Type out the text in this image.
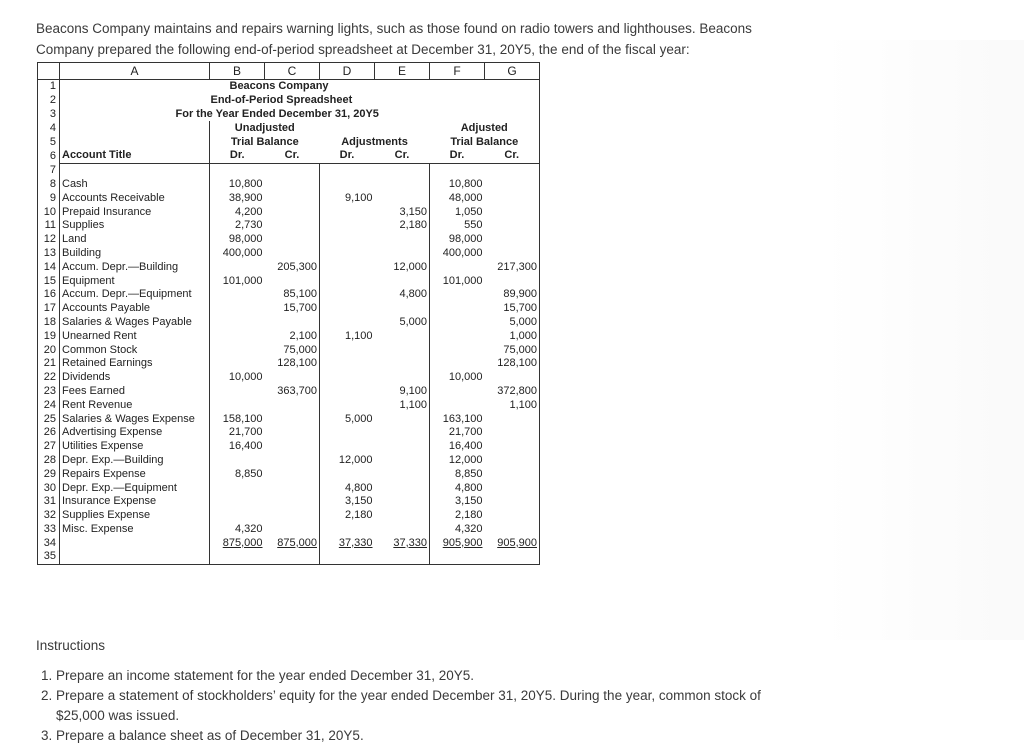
Beacons Company maintains and repairs warning lights, such as those found on radio towers and lighthouses. Beacons Company prepared the following end-of-period spreadsheet at December 31, 20Y5, the end of the fiscal year:

	A	B	C	D	E	F	G
1		Beacons Company					
2		End-of-Period Spreadsheet					
3		For the Year Ended December 31, 20Y5					
4		Unadjusted				Adjusted	
5		Trial Balance		Adjustments		Trial Balance	
6	Account Title	Dr.	Cr.	Dr.	Cr.	Dr.	Cr.
7							
8	Cash	10,800				10,800	
9	Accounts Receivable	38,900		9,100		48,000	
10	Prepaid Insurance	4,200			3,150	1,050	
11	Supplies	2,730			2,180	550	
12	Land	98,000				98,000	
13	Building	400,000				400,000	
14	Accum. Depr.—Building		205,300		12,000		217,300
15	Equipment	101,000				101,000	
16	Accum. Depr.—Equipment		85,100		4,800		89,900
17	Accounts Payable		15,700				15,700
18	Salaries & Wages Payable				5,000		5,000
19	Unearned Rent		2,100	1,100			1,000
20	Common Stock		75,000				75,000
21	Retained Earnings		128,100				128,100
22	Dividends	10,000				10,000	
23	Fees Earned		363,700		9,100		372,800
24	Rent Revenue				1,100		1,100
25	Salaries & Wages Expense	158,100		5,000		163,100	
26	Advertising Expense	21,700				21,700	
27	Utilities Expense	16,400				16,400	
28	Depr. Exp.—Building			12,000		12,000	
29	Repairs Expense	8,850				8,850	
30	Depr. Exp.—Equipment			4,800		4,800	
31	Insurance Expense			3,150		3,150	
32	Supplies Expense			2,180		2,180	
33	Misc. Expense	4,320				4,320	
34		875,000	875,000	37,330	37,330	905,900	905,900
35							

Instructions

1. Prepare an income statement for the year ended December 31, 20Y5.
2. Prepare a statement of stockholders’ equity for the year ended December 31, 20Y5. During the year, common stock of $25,000 was issued.
3. Prepare a balance sheet as of December 31, 20Y5.
